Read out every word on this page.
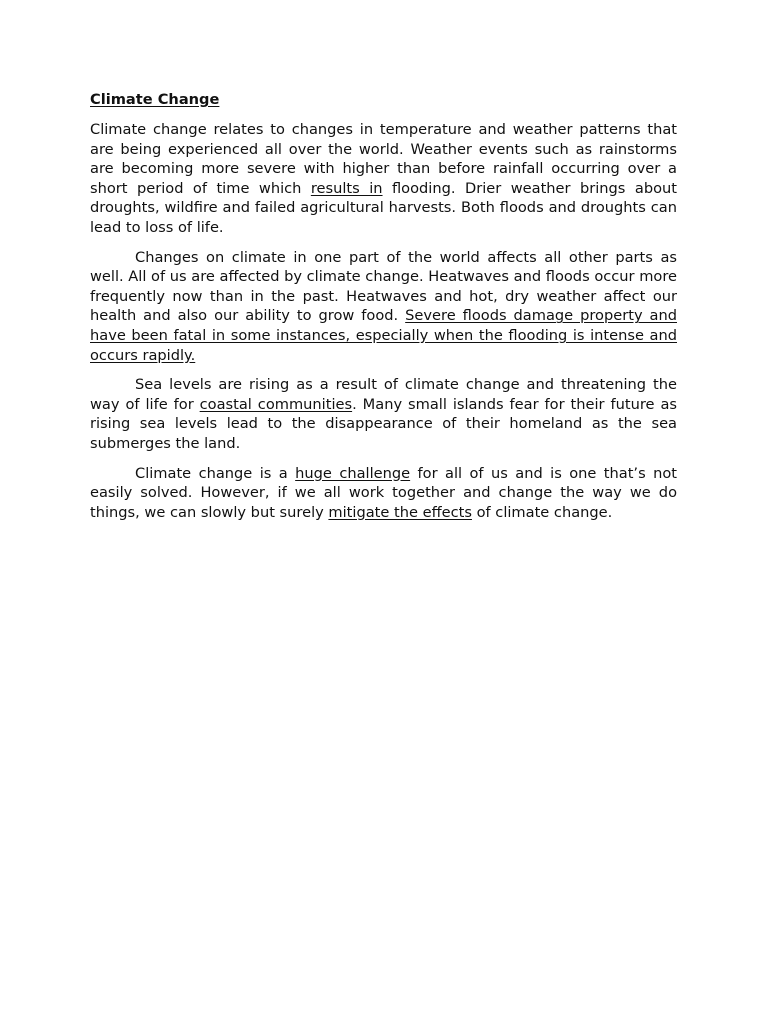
Climate Change

Climate change relates to changes in temperature and weather patterns that are being experienced all over the world. Weather events such as rainstorms are becoming more severe with higher than before rainfall occurring over a short period of time which results in flooding. Drier weather brings about droughts, wildfire and failed agricultural harvests. Both floods and droughts can lead to loss of life.

Changes on climate in one part of the world affects all other parts as well. All of us are affected by climate change. Heatwaves and floods occur more frequently now than in the past. Heatwaves and hot, dry weather affect our health and also our ability to grow food. Severe floods damage property and have been fatal in some instances, especially when the flooding is intense and occurs rapidly.

Sea levels are rising as a result of climate change and threatening the way of life for coastal communities. Many small islands fear for their future as rising sea levels lead to the disappearance of their homeland as the sea submerges the land.

Climate change is a huge challenge for all of us and is one that’s not easily solved. However, if we all work together and change the way we do things, we can slowly but surely mitigate the effects of climate change.
